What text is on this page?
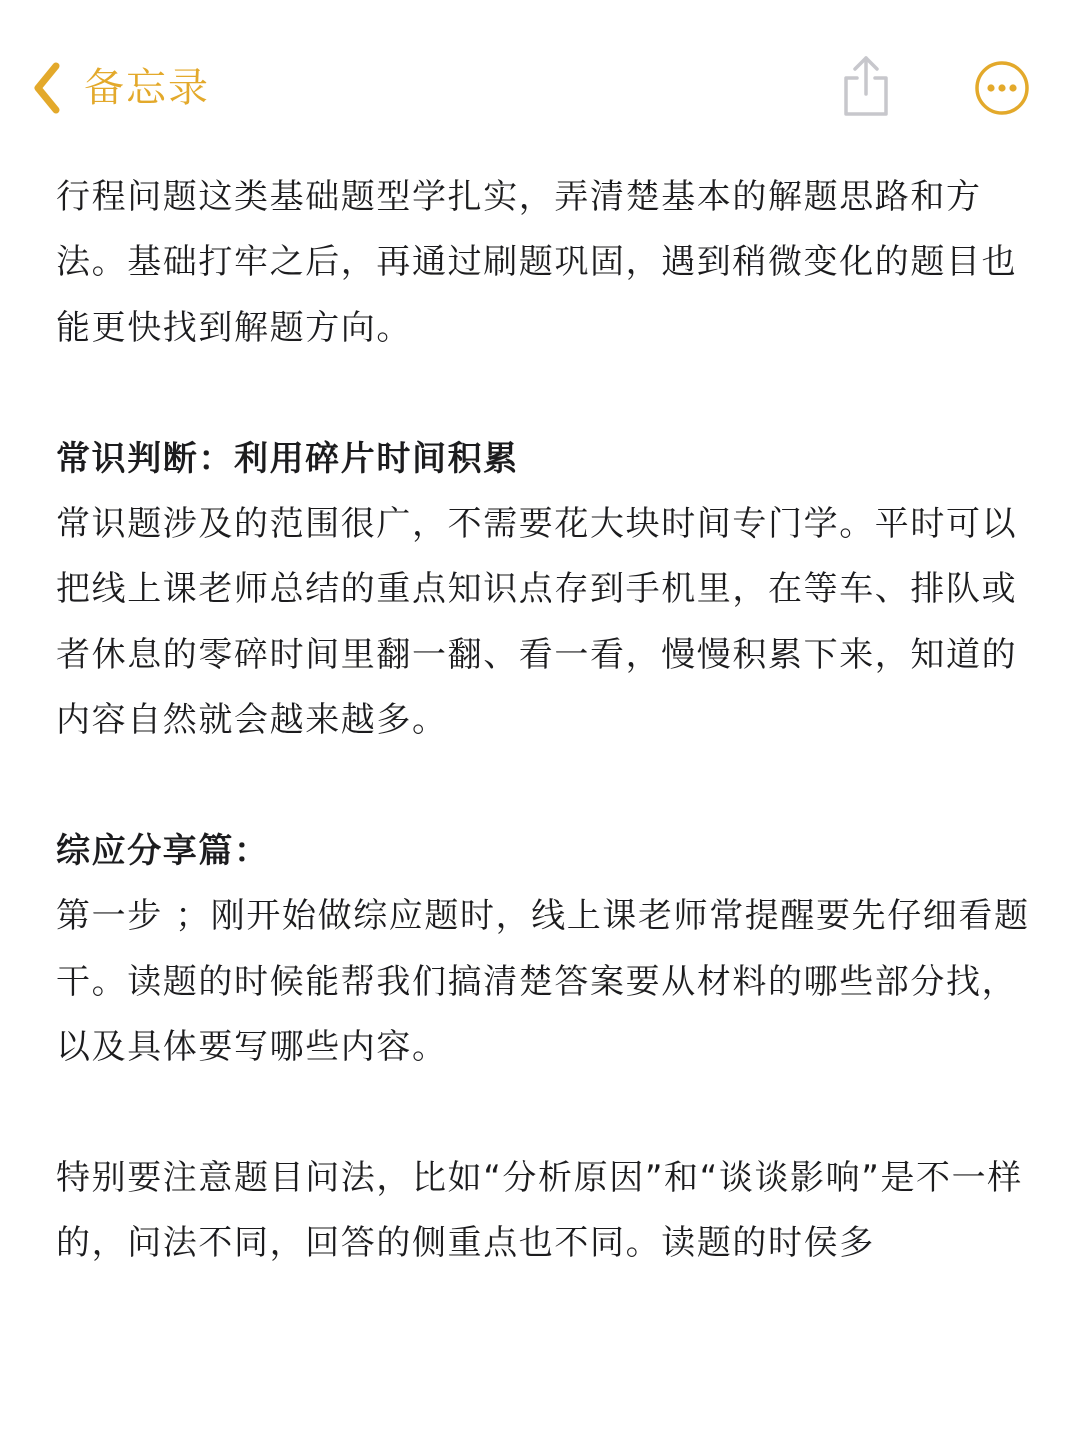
备忘录

行程问题这类基础题型学扎实，弄清楚基本的解题思路和方法。基础打牢之后，再通过刷题巩固，遇到稍微变化的题目也能更快找到解题方向。

常识判断：利用碎片时间积累

常识题涉及的范围很广，不需要花大块时间专门学。平时可以把线上课老师总结的重点知识点存到手机里，在等车、排队或者休息的零碎时间里翻一翻、看一看，慢慢积累下来，知道的内容自然就会越来越多。

综应分享篇：

第一步 ；刚开始做综应题时，线上课老师常提醒要先仔细看题干。读题的时候能帮我们搞清楚答案要从材料的哪些部分找，以及具体要写哪些内容。

特别要注意题目问法，比如“分析原因”和“谈谈影响”是不一样的，问法不同，回答的侧重点也不同。读题的时侯多
